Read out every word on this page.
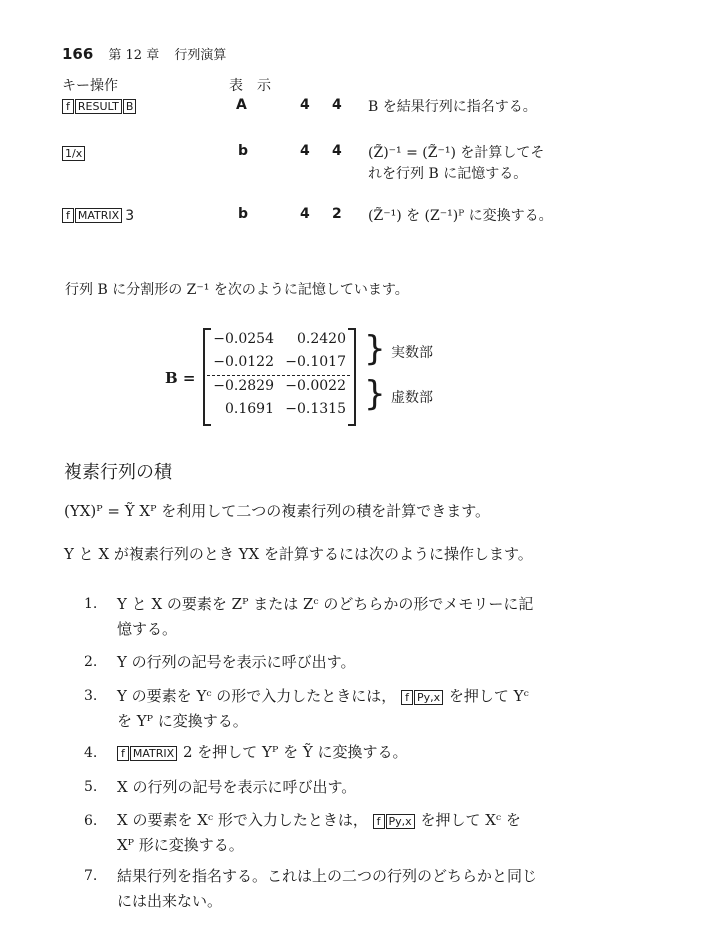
166 第 12 章 行列演算
キー操作	表　示
f RESULT B	A	4 4 B を結果行列に指名する。
1/x	b	4 4 (Z̃)⁻¹ = (Z̃⁻¹) を計算してそ
れを行列 B に記憶する。
f MATRIX 3	b	4 2 (Z̃⁻¹) を (Z⁻¹)ᴾ に変換する。
行列 B に分割形の Z⁻¹ を次のように記憶しています。
B =
−0.0254	0.2420
−0.0122 −0.1017
−0.2829 −0.0022
0.1691 −0.1315
}
}
実数部
虚数部
複素行列の積
(YX)ᴾ = Ỹ Xᴾ を利用して二つの複素行列の積を計算できます。
Y と X が複素行列のとき YX を計算するには次のように操作します。
1. Y と X の要素を Zᴾ または Zᶜ のどちらかの形でメモリーに記
憶する。
2. Y の行列の記号を表示に呼び出す。
3. Y の要素を Yᶜ の形で入力したときには， f Py,x を押して Yᶜ
を Yᴾ に変換する。
4.	f MATRIX 2 を押して Yᴾ を Ỹ に変換する。
5. X の行列の記号を表示に呼び出す。
6. X の要素を Xᶜ 形で入力したときは， f Py,x を押して Xᶜ を
Xᴾ 形に変換する。
7. 結果行列を指名する。これは上の二つの行列のどちらかと同じ
には出来ない。
